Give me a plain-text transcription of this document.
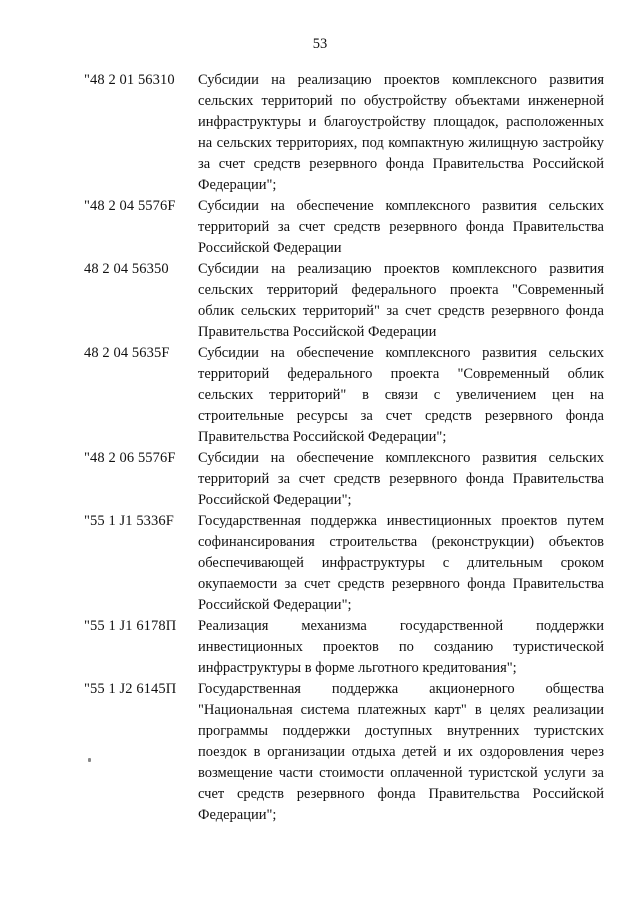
53
"48 2 01 56310	Субсидии на реализацию проектов комплексного развития сельских территорий по обустройству объектами инженерной инфраструктуры и благоустройству площадок, расположенных на сельских территориях, под компактную жилищную застройку за счет средств резервного фонда Правительства Российской Федерации";
"48 2 04 5576F	Субсидии на обеспечение комплексного развития сельских территорий за счет средств резервного фонда Правительства Российской Федерации
48 2 04 56350	Субсидии на реализацию проектов комплексного развития сельских территорий федерального проекта "Современный облик сельских территорий" за счет средств резервного фонда Правительства Российской Федерации
48 2 04 5635F	Субсидии на обеспечение комплексного развития сельских территорий федерального проекта "Современный облик сельских территорий" в связи с увеличением цен на строительные ресурсы за счет средств резервного фонда Правительства Российской Федерации";
"48 2 06 5576F	Субсидии на обеспечение комплексного развития сельских территорий за счет средств резервного фонда Правительства Российской Федерации";
"55 1 J1 5336F	Государственная поддержка инвестиционных проектов путем софинансирования строительства (реконструкции) объектов обеспечивающей инфраструктуры с длительным сроком окупаемости за счет средств резервного фонда Правительства Российской Федерации";
"55 1 J1 6178П	Реализация механизма государственной поддержки инвестиционных проектов по созданию туристической инфраструктуры в форме льготного кредитования";
"55 1 J2 6145П	Государственная поддержка акционерного общества "Национальная система платежных карт" в целях реализации программы поддержки доступных внутренних туристских поездок в организации отдыха детей и их оздоровления через возмещение части стоимости оплаченной туристской услуги за счет средств резервного фонда Правительства Российской Федерации";
